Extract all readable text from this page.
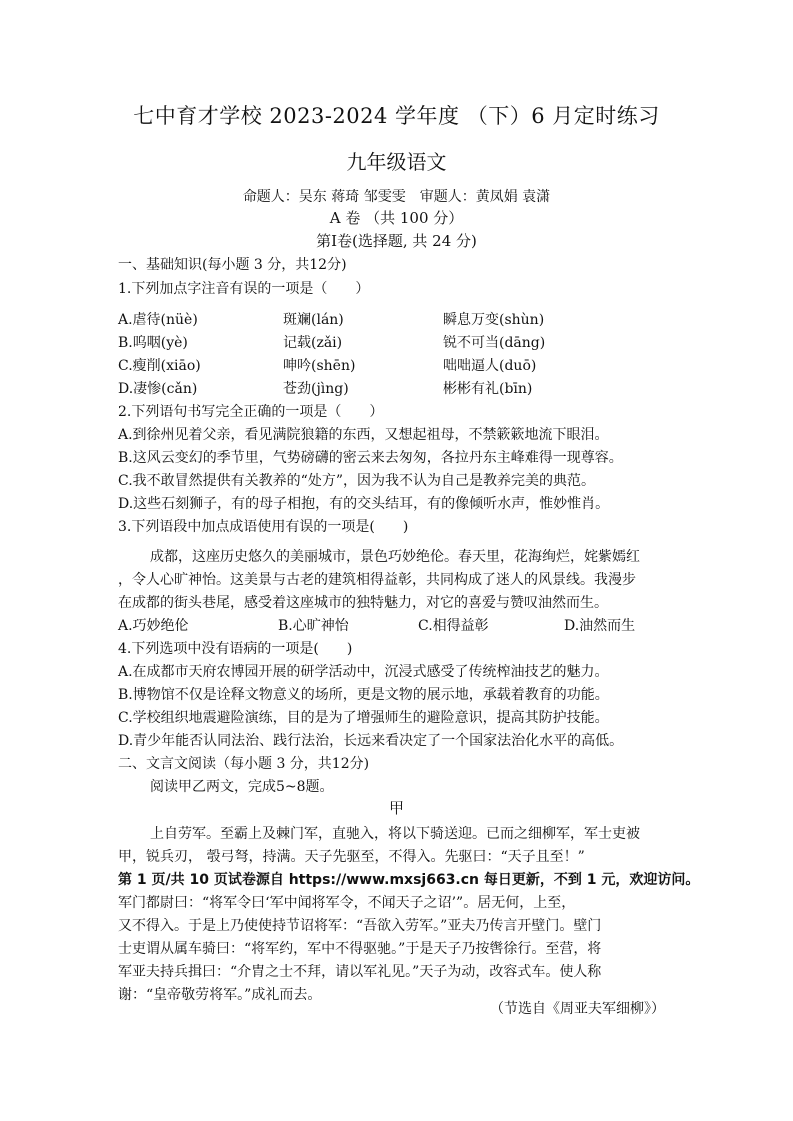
七中育才学校 2023-2024 学年度 （下）6 月定时练习
九年级语文
命题人：吴东 蒋琦 邹雯雯　审题人：黄凤娟 袁潇
A 卷 （共 100 分）
第Ⅰ卷(选择题, 共 24 分)
一、基础知识(每小题 3 分，共12分)
1.下列加点字注音有误的一项是（　　）
A.虐待(nüè)	斑斓(lán)	瞬息万变(shùn)
B.呜咽(yè)	记载(zǎi)	锐不可当(dāng)
C.瘦削(xiāo)	呻吟(shēn)	咄咄逼人(duō)
D.凄惨(cǎn)	苍劲(jìng)	彬彬有礼(bīn)
2.下列语句书写完全正确的一项是（　　）
A.到徐州见着父亲，看见满院狼籍的东西，又想起祖母，不禁簌簌地流下眼泪。
B.这风云变幻的季节里，气势磅礴的密云来去匆匆，各拉丹东主峰难得一现尊容。
C.我不敢冒然提供有关教养的“处方”，因为我不认为自己是教养完美的典范。
D.这些石刻狮子，有的母子相抱，有的交头结耳，有的像倾听水声，惟妙惟肖。
3.下列语段中加点成语使用有误的一项是(　　)
成都，这座历史悠久的美丽城市，景色巧妙绝伦。春天里，花海绚烂，姹紫嫣红
，令人心旷神怡。这美景与古老的建筑相得益彰，共同构成了迷人的风景线。我漫步
在成都的街头巷尾，感受着这座城市的独特魅力，对它的喜爱与赞叹油然而生。
A.巧妙绝伦	B.心旷神怡	C.相得益彰	D.油然而生
4.下列选项中没有语病的一项是(　　)
A.在成都市天府农博园开展的研学活动中，沉浸式感受了传统榨油技艺的魅力。
B.博物馆不仅是诠释文物意义的场所，更是文物的展示地，承载着教育的功能。
C.学校组织地震避险演练，目的是为了增强师生的避险意识，提高其防护技能。
D.青少年能否认同法治、践行法治，长远来看决定了一个国家法治化水平的高低。
二、文言文阅读（每小题 3 分，共12分)
阅读甲乙两文，完成5~8题。
甲
上自劳军。至霸上及棘门军，直驰入，将以下骑送迎。已而之细柳军，军士吏被
甲，锐兵刃， 彀弓弩，持满。天子先驱至，不得入。先驱曰：“天子且至！”
第 1 页/共 10 页试卷源自 https://www.mxsj663.cn 每日更新，不到 1 元，欢迎访问。
军门都尉曰：“将军令曰‘军中闻将军令，不闻天子之诏’”。居无何，上至，
又不得入。于是上乃使使持节诏将军：“吾欲入劳军。”亚夫乃传言开壁门。壁门
士吏谓从属车骑曰：“将军约，军中不得驱驰。”于是天子乃按辔徐行。至营，将
军亚夫持兵揖曰：“介胄之士不拜，请以军礼见。”天子为动，改容式车。使人称
谢：“皇帝敬劳将军。”成礼而去。
（节选自《周亚夫军细柳》）
